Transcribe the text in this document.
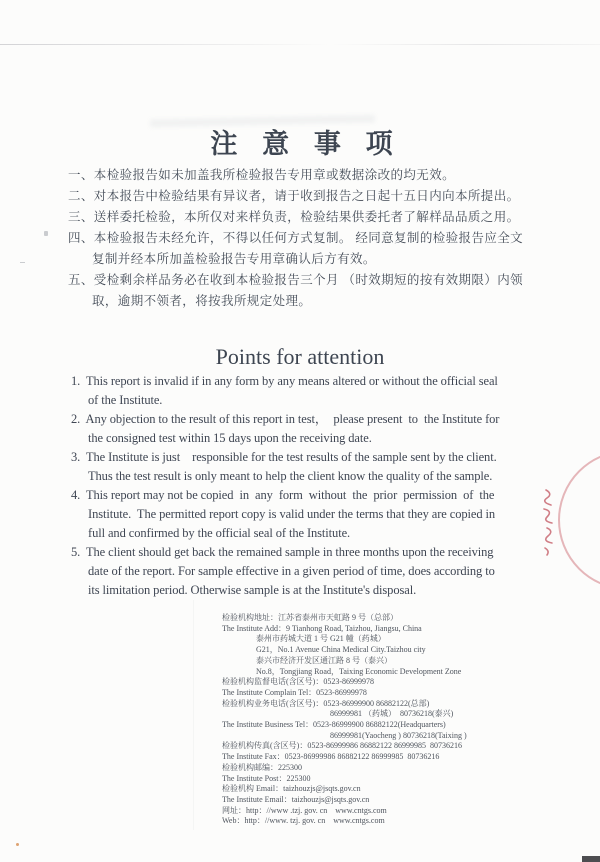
注 意 事 项
一、本检验报告如未加盖我所检验报告专用章或数据涂改的均无效。
二、对本报告中检验结果有异议者，请于收到报告之日起十五日内向本所提出。
三、送样委托检验，本所仅对来样负责，检验结果供委托者了解样品品质之用。
四、本检验报告未经允许，不得以任何方式复制。 经同意复制的检验报告应全文
复制并经本所加盖检验报告专用章确认后方有效。
五、受检剩余样品务必在收到本检验报告三个月 （时效期短的按有效期限）内领
取，逾期不领者，将按我所规定处理。
Points for attention
1.  This report is invalid if in any form by any means altered or without the official seal
of the Institute.
2.  Any objection to the result of this report in test，  please present  to  the Institute for
the consigned test within 15 days upon the receiving date.
3.  The Institute is just    responsible for the test results of the sample sent by the client.
Thus the test result is only meant to help the client know the quality of the sample.
4.  This report may not be copied  in  any  form  without  the  prior  permission  of  the
Institute.  The permitted report copy is valid under the terms that they are copied in
full and confirmed by the official seal of the Institute.
5.  The client should get back the remained sample in three months upon the receiving
date of the report. For sample effective in a given period of time, does according to
its limitation period. Otherwise sample is at the Institute's disposal.
检验机构地址：江苏省泰州市天虹路 9 号（总部）
The Institute Add：9 Tianhong Road, Taizhou, Jiangsu, China
泰州市药城大道 1 号 G21 幢（药城）
G21，No.1 Avenue China Medical City.Taizhou city
泰兴市经济开发区通江路 8 号（泰兴）
No.8，Tongjiang Road，Taixing Economic Development Zone
检验机构监督电话(含区号)：0523-86999978
The Institute Complain Tel：0523-86999978
检验机构业务电话(含区号)：0523-86999900 86882122(总部)
86999981 （药城）  80736218(泰兴)
The Institute Business Tel：0523-86999900 86882122(Headquarters)
86999981(Yaocheng ) 80736218(Taixing )
检验机构传真(含区号)：0523-86999986 86882122 86999985  80736216
The Institute Fax：0523-86999986 86882122 86999985  80736216
检验机构邮编：225300
The Institute Post：225300
检验机构 Email：taizhouzjs@jsqts.gov.cn
The Institute Email：taizhouzjs@jsqts.gov.cn
网址：http：//www .tzj. gov. cn    www.cntgs.com
Web：http：//www. tzj. gov. cn    www.cntgs.com
